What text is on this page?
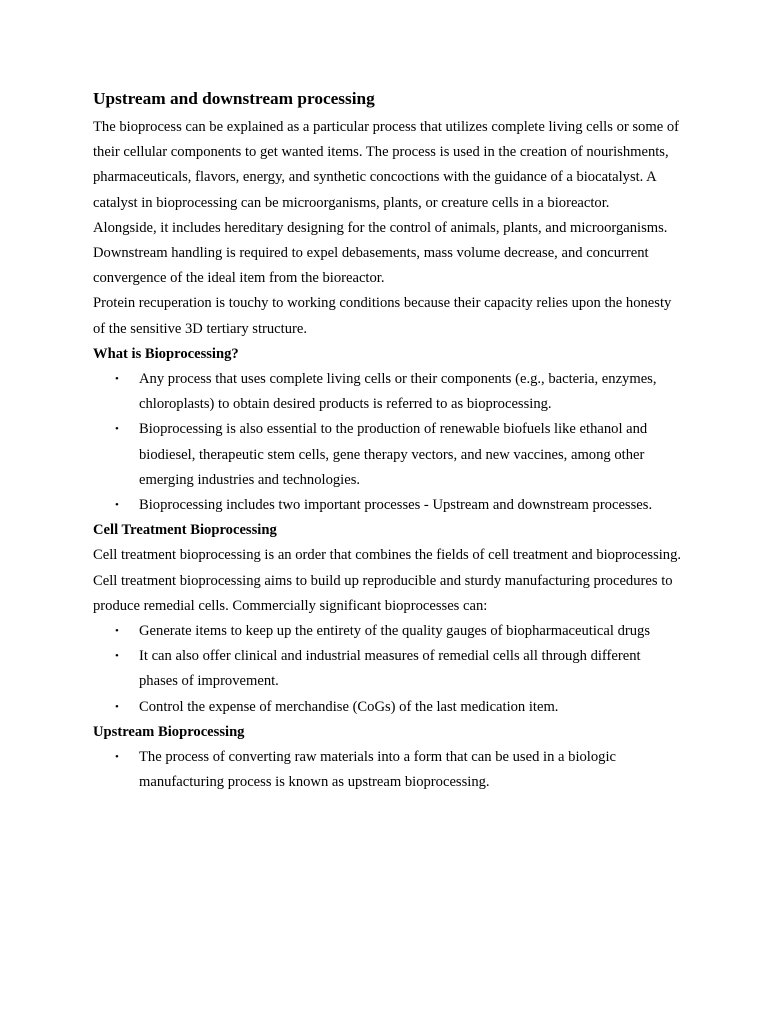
Upstream and downstream processing

The bioprocess can be explained as a particular process that utilizes complete living cells or some of their cellular components to get wanted items. The process is used in the creation of nourishments, pharmaceuticals, flavors, energy, and synthetic concoctions with the guidance of a biocatalyst. A catalyst in bioprocessing can be microorganisms, plants, or creature cells in a bioreactor.

Alongside, it includes hereditary designing for the control of animals, plants, and microorganisms. Downstream handling is required to expel debasements, mass volume decrease, and concurrent convergence of the ideal item from the bioreactor.

Protein recuperation is touchy to working conditions because their capacity relies upon the honesty of the sensitive 3D tertiary structure.

What is Bioprocessing?
• Any process that uses complete living cells or their components (e.g., bacteria, enzymes, chloroplasts) to obtain desired products is referred to as bioprocessing.
• Bioprocessing is also essential to the production of renewable biofuels like ethanol and biodiesel, therapeutic stem cells, gene therapy vectors, and new vaccines, among other emerging industries and technologies.
• Bioprocessing includes two important processes - Upstream and downstream processes.
Cell Treatment Bioprocessing

Cell treatment bioprocessing is an order that combines the fields of cell treatment and bioprocessing. Cell treatment bioprocessing aims to build up reproducible and sturdy manufacturing procedures to produce remedial cells. Commercially significant bioprocesses can:

• Generate items to keep up the entirety of the quality gauges of biopharmaceutical drugs
• It can also offer clinical and industrial measures of remedial cells all through different phases of improvement.
• Control the expense of merchandise (CoGs) of the last medication item.
Upstream Bioprocessing
• The process of converting raw materials into a form that can be used in a biologic manufacturing process is known as upstream bioprocessing.
